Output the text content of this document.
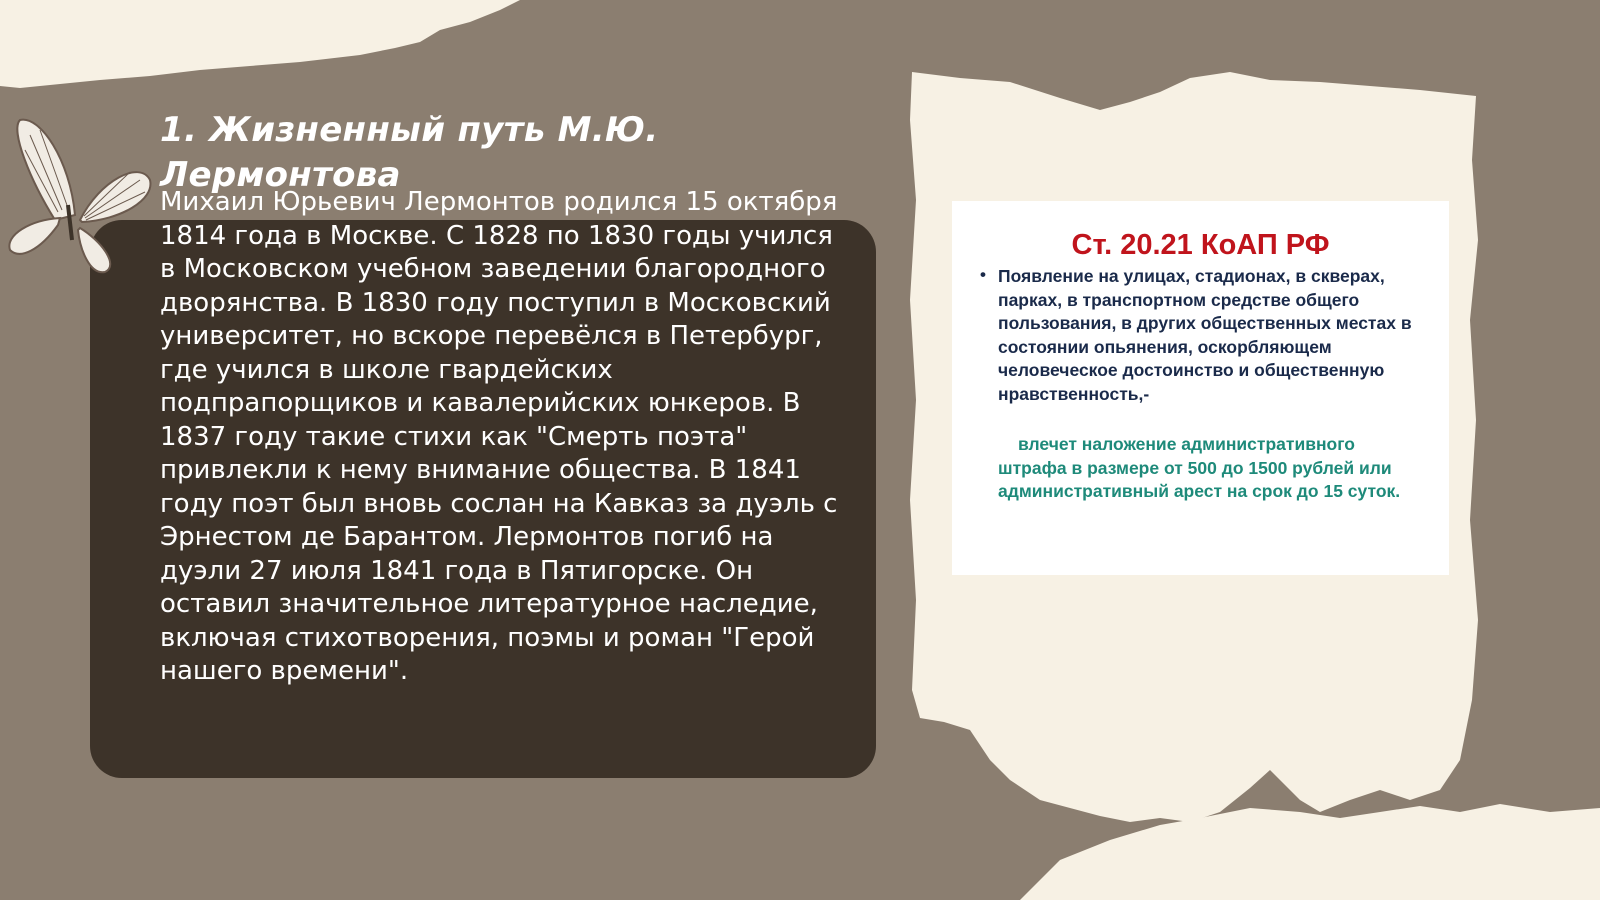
1. Жизненный путь М.Ю. Лермонтова

Михаил Юрьевич Лермонтов родился 15 октября 1814 года в Москве. С 1828 по 1830 годы учился в Московском учебном заведении благородного дворянства. В 1830 году поступил в Московский университет, но вскоре перевёлся в Петербург, где учился в школе гвардейских подпрапорщиков и кавалерийских юнкеров. В 1837 году такие стихи как "Смерть поэта" привлекли к нему внимание общества. В 1841 году поэт был вновь сослан на Кавказ за дуэль с Эрнестом де Барантом. Лермонтов погиб на дуэли 27 июля 1841 года в Пятигорске. Он оставил значительное литературное наследие, включая стихотворения, поэмы и роман "Герой нашего времени".

Ст. 20.21 КоАП РФ
• Появление на улицах, стадионах, в скверах, парках, в транспортном средстве общего пользования, в других общественных местах в состоянии опьянения, оскорбляющем человеческое достоинство и общественную нравственность,-

влечет наложение административного штрафа в размере от 500 до 1500 рублей или административный арест на срок до 15 суток.
